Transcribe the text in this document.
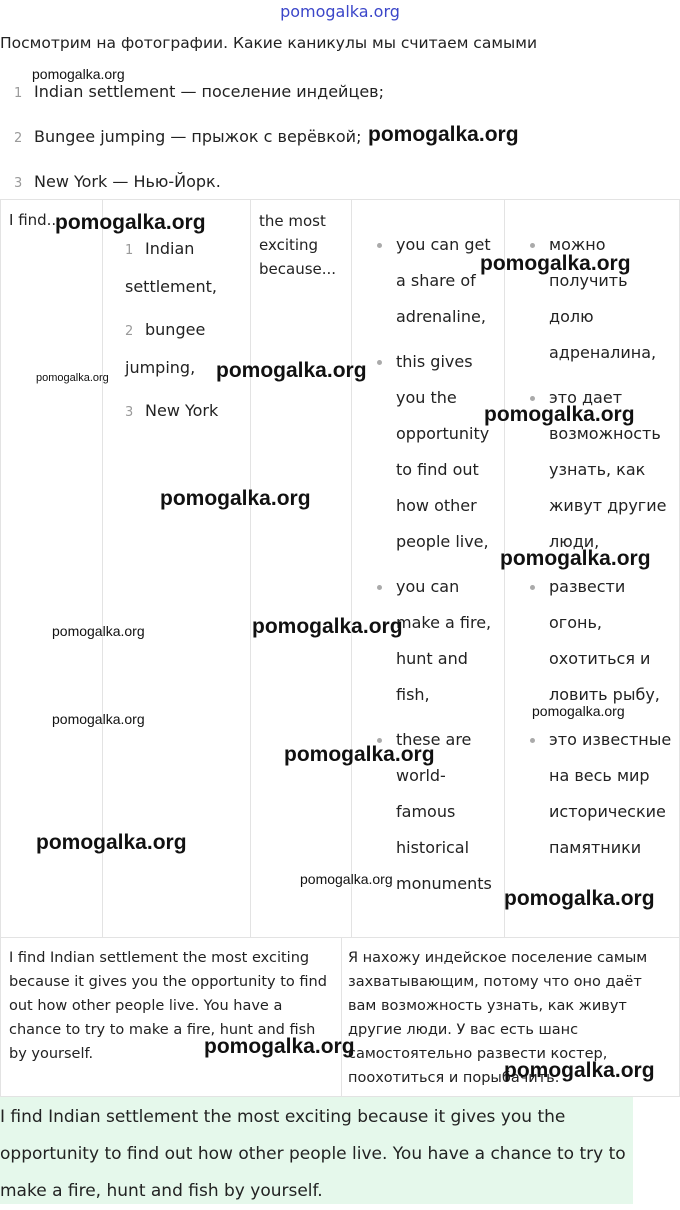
pomogalka.org
Посмотрим на фотографии. Какие каникулы мы считаем самыми
1 Indian settlement — поселение индейцев;
2 Bungee jumping — прыжок с верёвкой;
3 New York — Нью-Йорк.
I find...
1 Indian settlement,
2 bungee jumping,
3 New York
the most exciting because...
you can get a share of adrenaline,
this gives you the opportunity to find out how other people live,
you can make a fire, hunt and fish,
these are world-famous historical monuments
можно получить долю адреналина,
это дает возможность узнать, как живут другие люди,
развести огонь, охотиться и ловить рыбу,
это известные на весь мир исторические памятники
I find Indian settlement the most exciting because it gives you the opportunity to find out how other people live. You have a chance to try to make a fire, hunt and fish by yourself.
Я нахожу индейское поселение самым захватывающим, потому что оно даёт вам возможность узнать, как живут другие люди. У вас есть шанс самостоятельно развести костер, поохотиться и порыбачить.
I find Indian settlement the most exciting because it gives you the opportunity to find out how other people live. You have a chance to try to make a fire, hunt and fish by yourself.
pomogalka.org
pomogalka.org
pomogalka.org
pomogalka.org
pomogalka.org
pomogalka.org
pomogalka.org
pomogalka.org
pomogalka.org
pomogalka.org	pomogalka.org
pomogalka.org
pomogalka.org
pomogalka.org
pomogalka.org
pomogalka.org
pomogalka.org
pomogalka.org
pomogalka.org
